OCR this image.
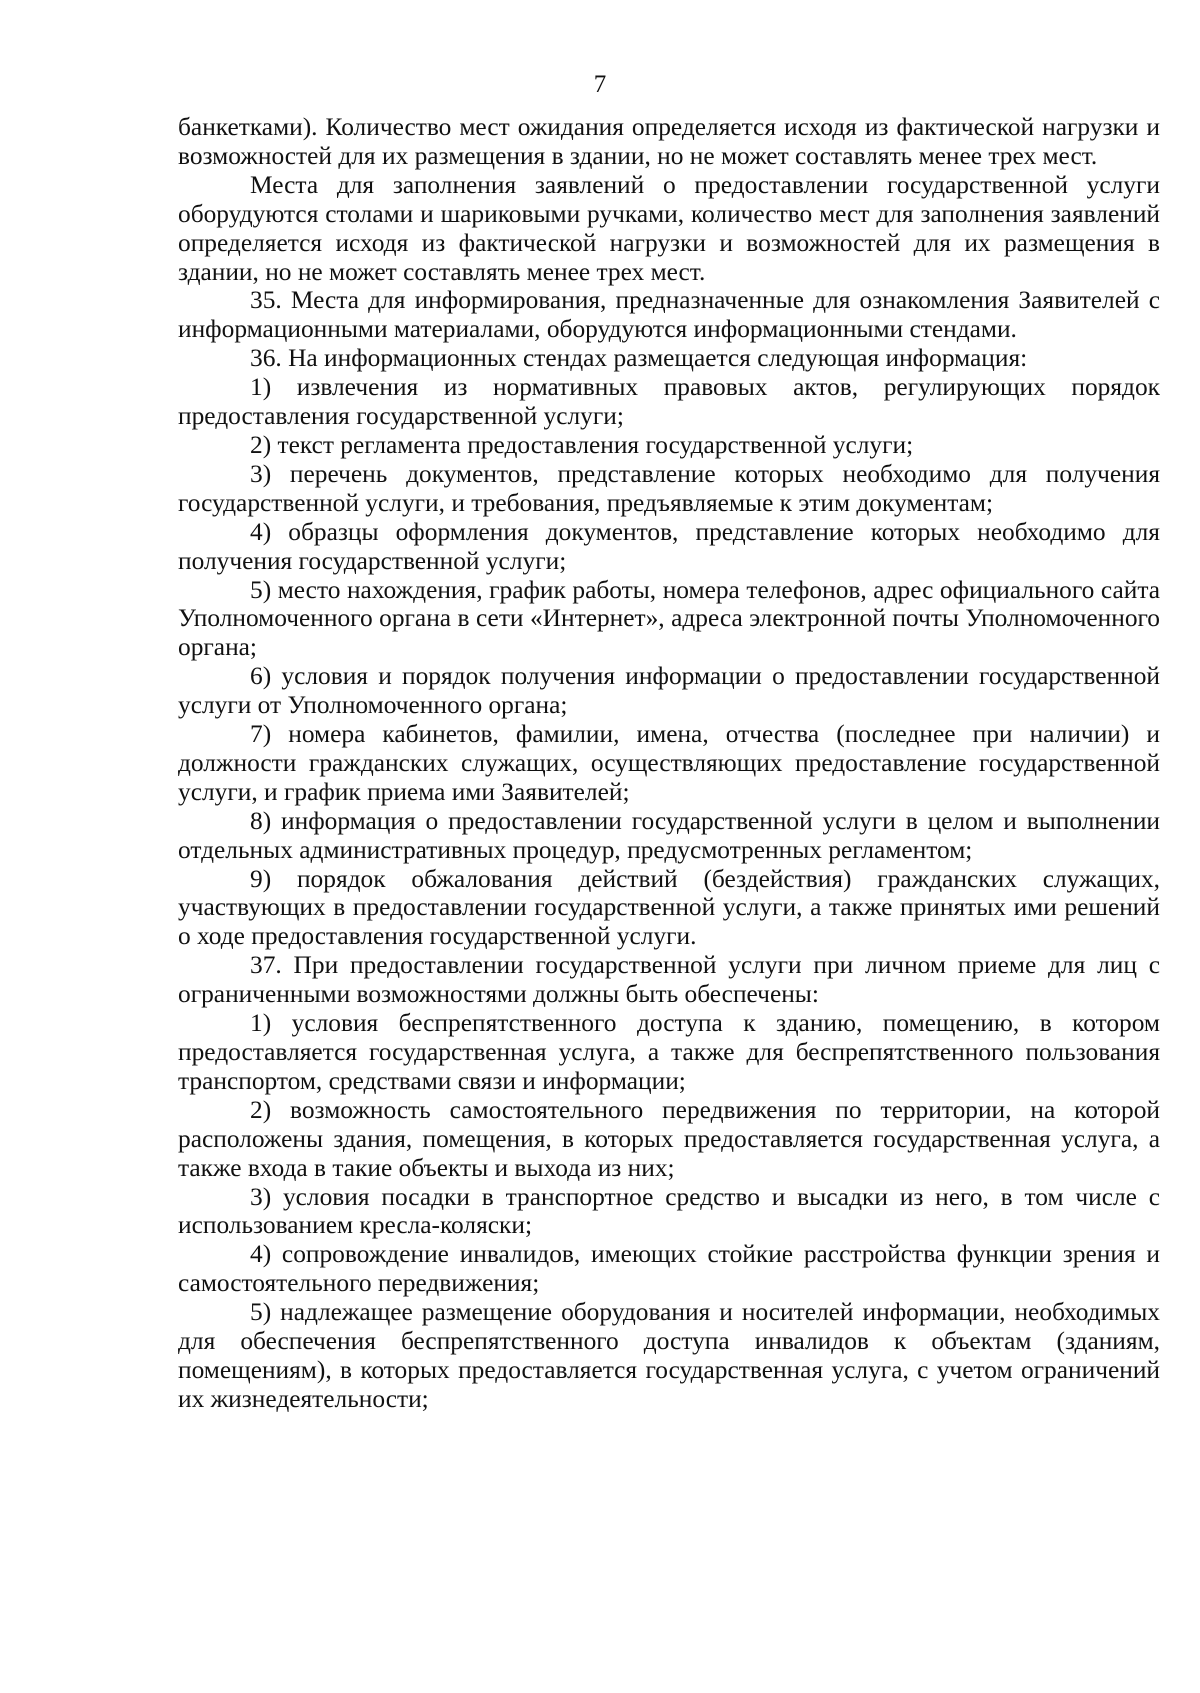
7

банкетками). Количество мест ожидания определяется исходя из фактической нагрузки и возможностей для их размещения в здании, но не может составлять менее трех мест.

Места для заполнения заявлений о предоставлении государственной услуги оборудуются столами и шариковыми ручками, количество мест для заполнения заявлений определяется исходя из фактической нагрузки и возможностей для их размещения в здании, но не может составлять менее трех мест.

35. Места для информирования, предназначенные для ознакомления Заявителей с информационными материалами, оборудуются информационными стендами.

36. На информационных стендах размещается следующая информация:

1) извлечения из нормативных правовых актов, регулирующих порядок предоставления государственной услуги;

2) текст регламента предоставления государственной услуги;

3) перечень документов, представление которых необходимо для получения государственной услуги, и требования, предъявляемые к этим документам;

4) образцы оформления документов, представление которых необходимо для получения государственной услуги;

5) место нахождения, график работы, номера телефонов, адрес официального сайта Уполномоченного органа в сети «Интернет», адреса электронной почты Уполномоченного органа;

6) условия и порядок получения информации о предоставлении государственной услуги от Уполномоченного органа;

7) номера кабинетов, фамилии, имена, отчества (последнее при наличии) и должности гражданских служащих, осуществляющих предоставление государственной услуги, и график приема ими Заявителей;

8) информация о предоставлении государственной услуги в целом и выполнении отдельных административных процедур, предусмотренных регламентом;

9) порядок обжалования действий (бездействия) гражданских служащих, участвующих в предоставлении государственной услуги, а также принятых ими решений о ходе предоставления государственной услуги.

37. При предоставлении государственной услуги при личном приеме для лиц с ограниченными возможностями должны быть обеспечены:

1) условия беспрепятственного доступа к зданию, помещению, в котором предоставляется государственная услуга, а также для беспрепятственного пользования транспортом, средствами связи и информации;

2) возможность самостоятельного передвижения по территории, на которой расположены здания, помещения, в которых предоставляется государственная услуга, а также входа в такие объекты и выхода из них;

3) условия посадки в транспортное средство и высадки из него, в том числе с использованием кресла-коляски;

4) сопровождение инвалидов, имеющих стойкие расстройства функции зрения и самостоятельного передвижения;

5) надлежащее размещение оборудования и носителей информации, необходимых для обеспечения беспрепятственного доступа инвалидов к объектам (зданиям, помещениям), в которых предоставляется государственная услуга, с учетом ограничений их жизнедеятельности;
